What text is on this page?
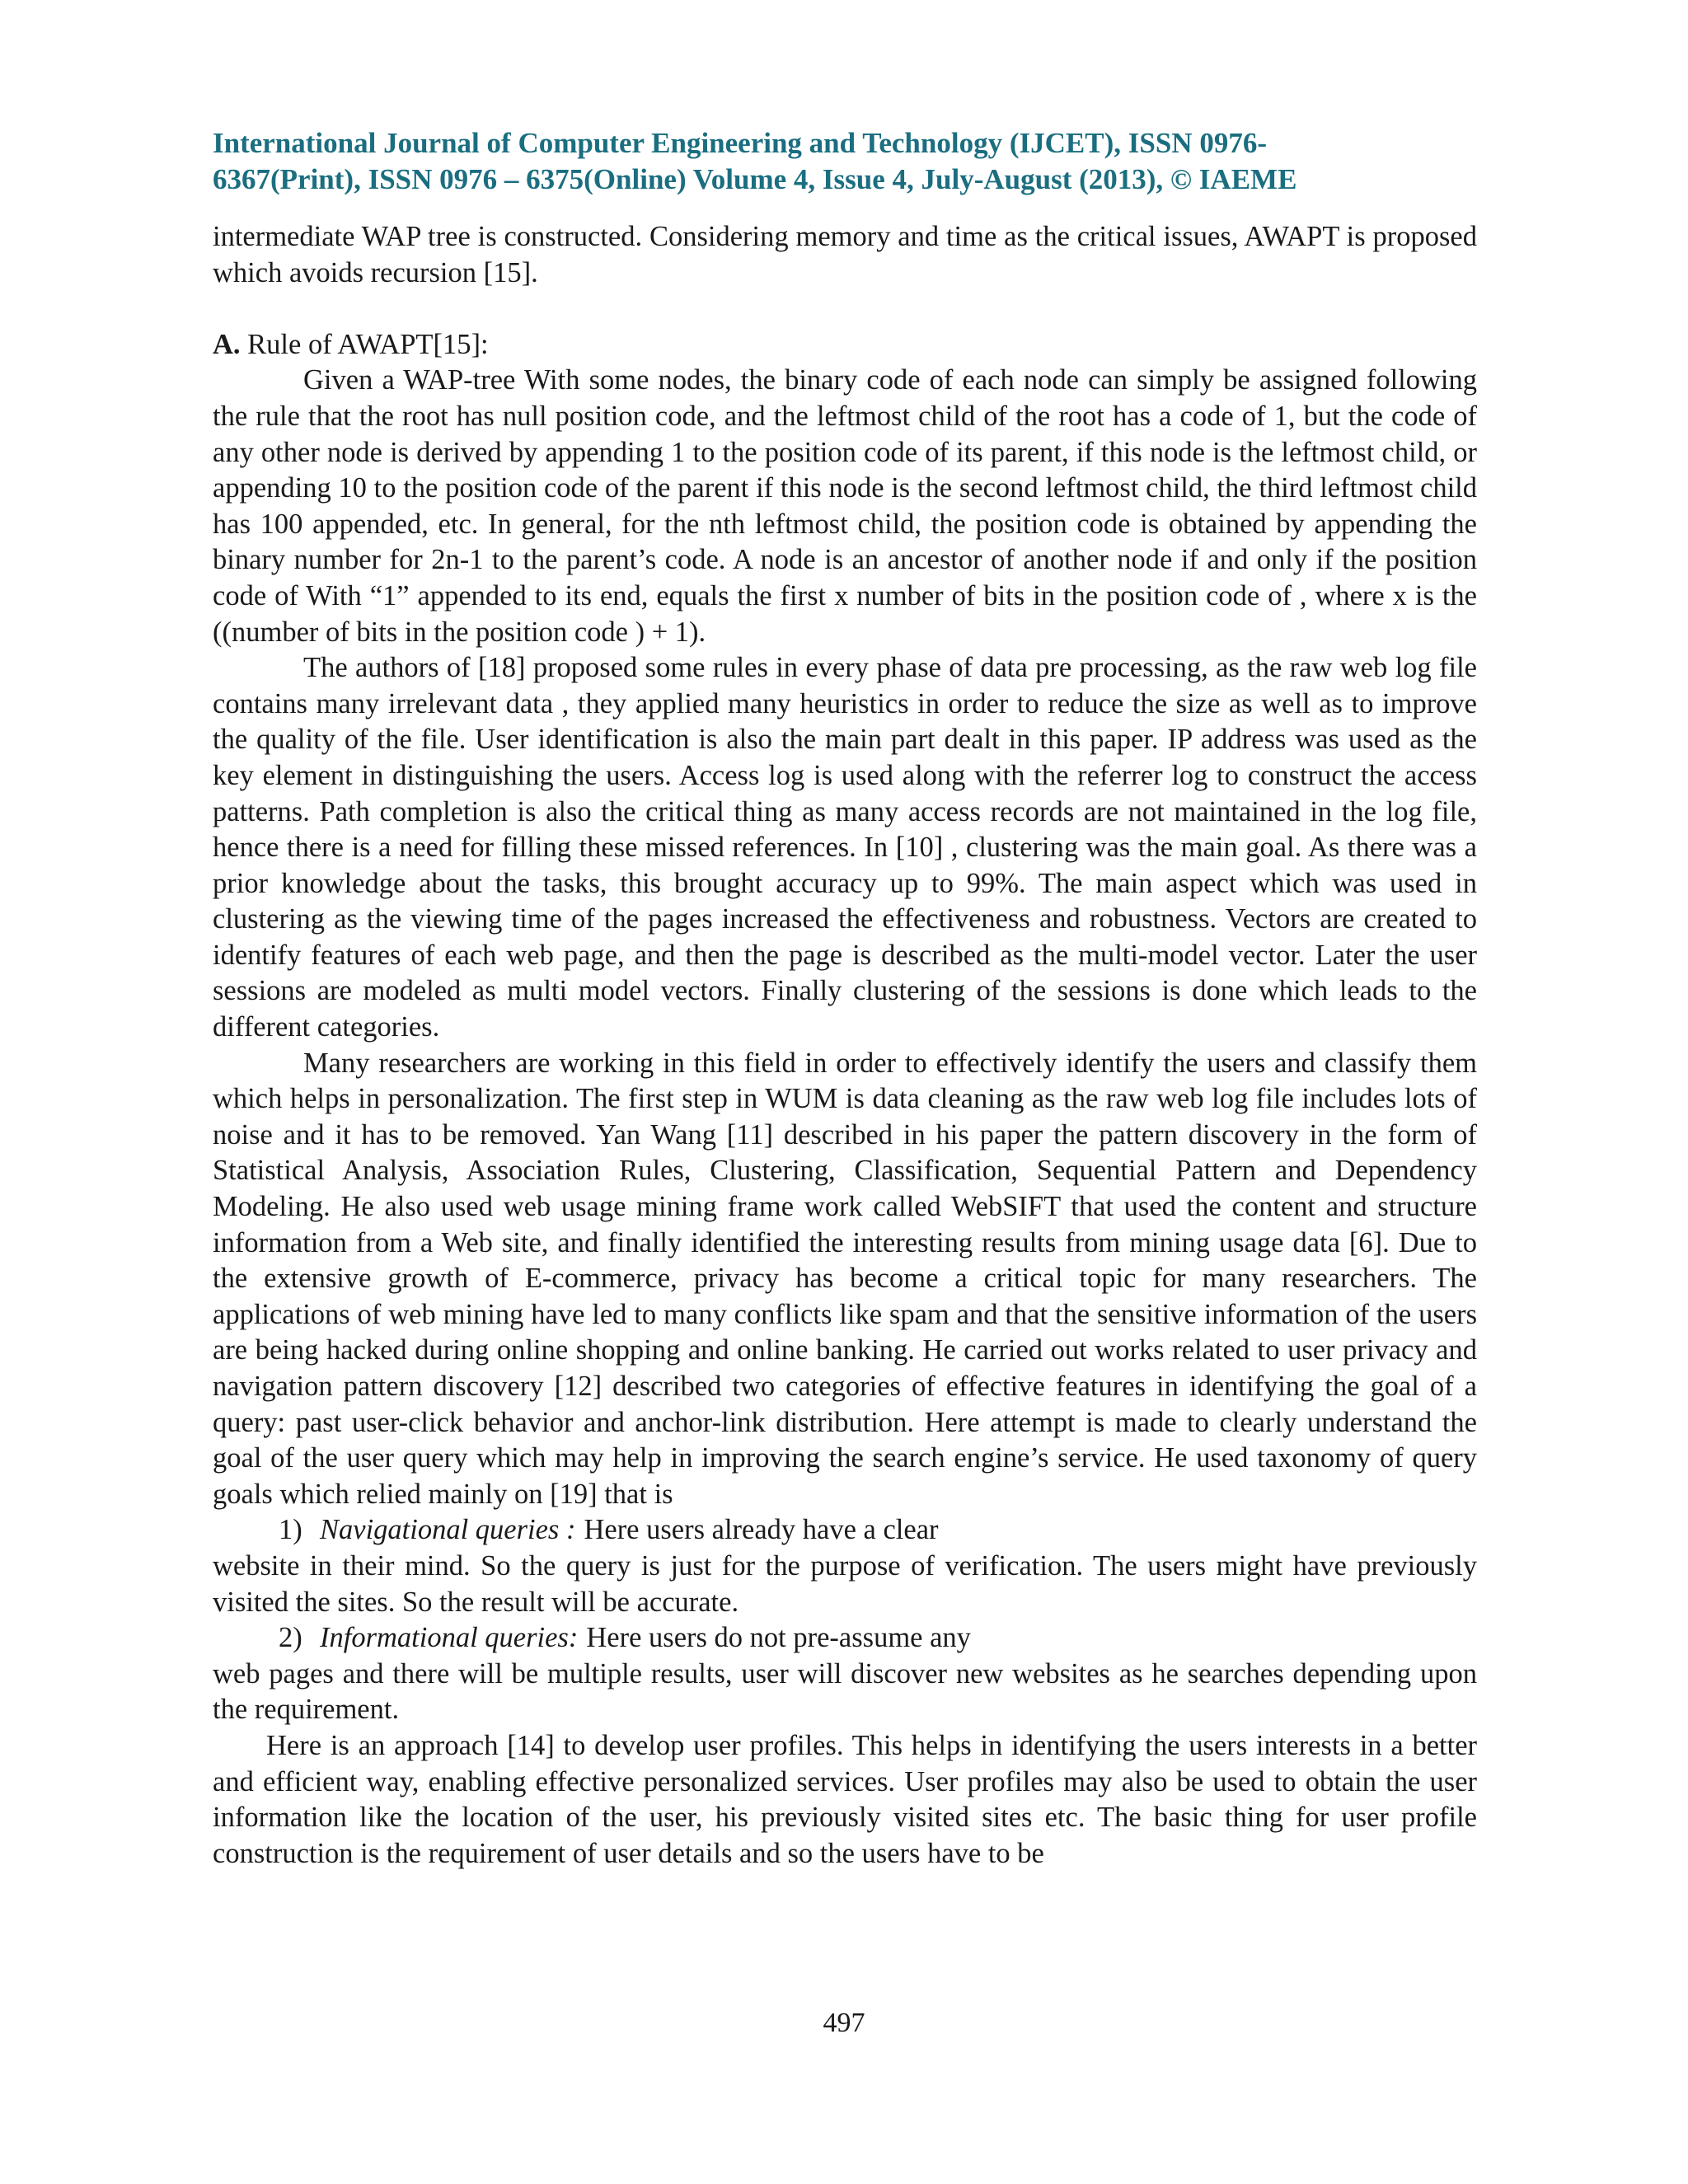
International Journal of Computer Engineering and Technology (IJCET), ISSN 0976-
6367(Print), ISSN 0976 – 6375(Online) Volume 4, Issue 4, July-August (2013), © IAEME

intermediate WAP tree is constructed. Considering memory and time as the critical issues, AWAPT is proposed which avoids recursion [15].

A. Rule of AWAPT[15]:

Given a WAP-tree With some nodes, the binary code of each node can simply be assigned following the rule that the root has null position code, and the leftmost child of the root has a code of 1, but the code of any other node is derived by appending 1 to the position code of its parent, if this node is the leftmost child, or appending 10 to the position code of the parent if this node is the second leftmost child, the third leftmost child has 100 appended, etc. In general, for the nth leftmost child, the position code is obtained by appending the binary number for 2n-1 to the parent’s code. A node is an ancestor of another node if and only if the position code of With “1” appended to its end, equals the first x number of bits in the position code of , where x is the ((number of bits in the position code ) + 1).

The authors of [18] proposed some rules in every phase of data pre processing, as the raw web log file contains many irrelevant data , they applied many heuristics in order to reduce the size as well as to improve the quality of the file. User identification is also the main part dealt in this paper. IP address was used as the key element in distinguishing the users. Access log is used along with the referrer log to construct the access patterns. Path completion is also the critical thing as many access records are not maintained in the log file, hence there is a need for filling these missed references. In [10] , clustering was the main goal. As there was a prior knowledge about the tasks, this brought accuracy up to 99%. The main aspect which was used in clustering as the viewing time of the pages increased the effectiveness and robustness. Vectors are created to identify features of each web page, and then the page is described as the multi-model vector. Later the user sessions are modeled as multi model vectors. Finally clustering of the sessions is done which leads to the different categories.

Many researchers are working in this field in order to effectively identify the users and classify them which helps in personalization. The first step in WUM is data cleaning as the raw web log file includes lots of noise and it has to be removed. Yan Wang [11] described in his paper the pattern discovery in the form of Statistical Analysis, Association Rules, Clustering, Classification, Sequential Pattern and Dependency Modeling. He also used web usage mining frame work called WebSIFT that used the content and structure information from a Web site, and finally identified the interesting results from mining usage data [6]. Due to the extensive growth of E-commerce, privacy has become a critical topic for many researchers. The applications of web mining have led to many conflicts like spam and that the sensitive information of the users are being hacked during online shopping and online banking. He carried out works related to user privacy and navigation pattern discovery [12] described two categories of effective features in identifying the goal of a query: past user-click behavior and anchor-link distribution. Here attempt is made to clearly understand the goal of the user query which may help in improving the search engine’s service. He used taxonomy of query goals which relied mainly on [19] that is

1) Navigational queries : Here users already have a clear

website in their mind. So the query is just for the purpose of verification. The users might have previously visited the sites. So the result will be accurate.

2) Informational queries: Here users do not pre-assume any

web pages and there will be multiple results, user will discover new websites as he searches depending upon the requirement.

Here is an approach [14] to develop user profiles. This helps in identifying the users interests in a better and efficient way, enabling effective personalized services. User profiles may also be used to obtain the user information like the location of the user, his previously visited sites etc. The basic thing for user profile construction is the requirement of user details and so the users have to be

497
